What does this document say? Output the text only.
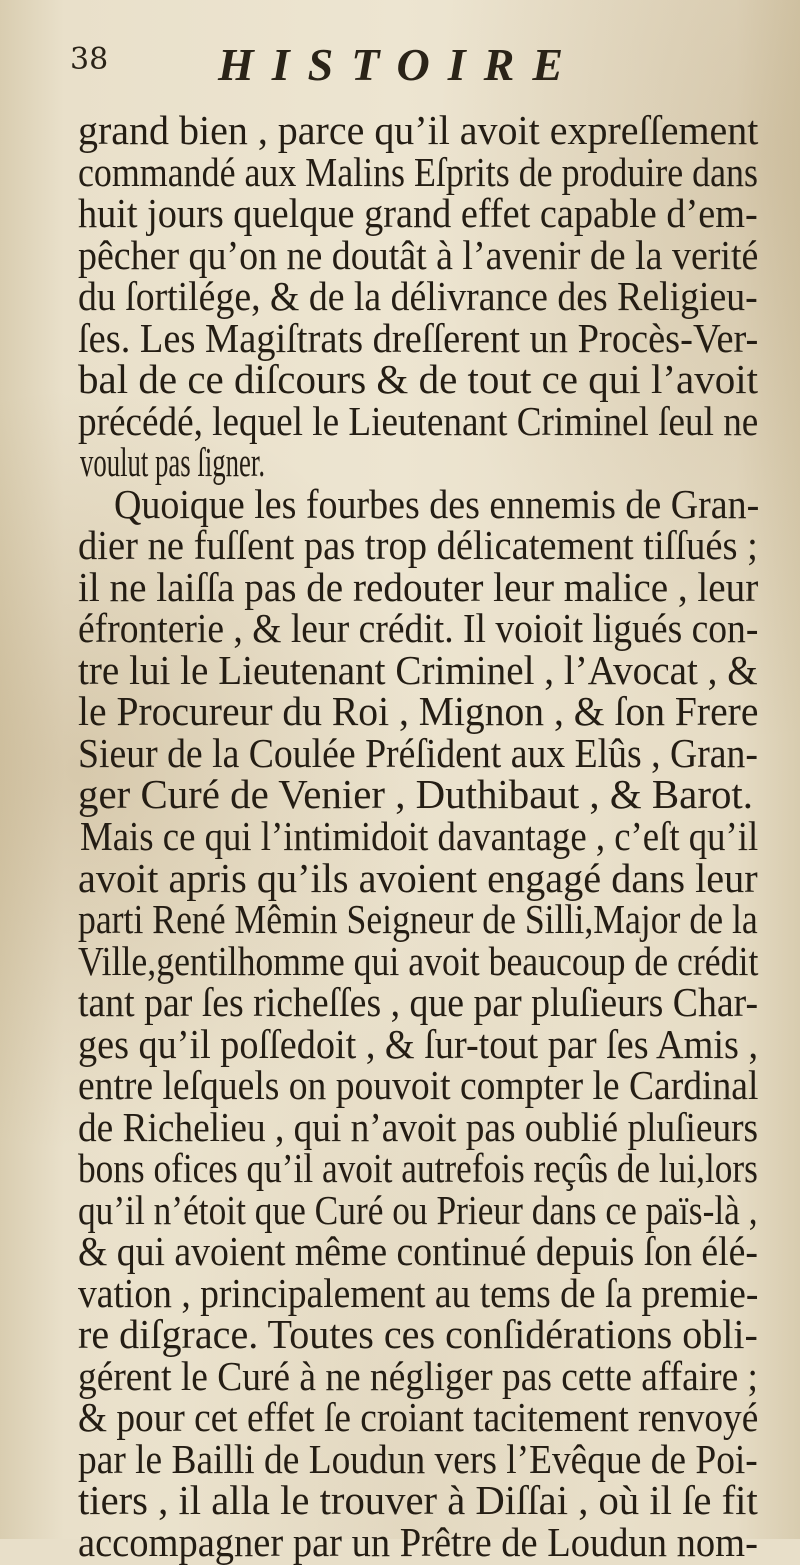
38 HISTOIRE
grand bien , parce qu’il avoit expreſſement
commandé aux Malins Eſprits de produire dans
huit jours quelque grand effet capable d’em-
pêcher qu’on ne doutât à l’avenir de la verité
du ſortilége, & de la délivrance des Religieu-
ſes. Les Magiſtrats dreſſerent un Procès-Ver-
bal de ce diſcours & de tout ce qui l’avoit
précédé, lequel le Lieutenant Criminel ſeul ne
voulut pas ſigner.
Quoique les fourbes des ennemis de Gran-
dier ne fuſſent pas trop délicatement tiſſués ;
il ne laiſſa pas de redouter leur malice , leur
éfronterie , & leur crédit. Il voioit ligués con-
tre lui le Lieutenant Criminel , l’Avocat , &
le Procureur du Roi , Mignon , & ſon Frere
Sieur de la Coulée Préſident aux Elûs , Gran-
ger Curé de Venier , Duthibaut , & Barot.
Mais ce qui l’intimidoit davantage , c’eſt qu’il
avoit apris qu’ils avoient engagé dans leur
parti René Mêmin Seigneur de Silli,Major de la
Ville,gentilhomme qui avoit beaucoup de crédit
tant par ſes richeſſes , que par pluſieurs Char-
ges qu’il poſſedoit , & ſur-tout par ſes Amis ,
entre leſquels on pouvoit compter le Cardinal
de Richelieu , qui n’avoit pas oublié pluſieurs
bons ofices qu’il avoit autrefois reçûs de lui,lors
qu’il n’étoit que Curé ou Prieur dans ce païs-là ,
& qui avoient même continué depuis ſon élé-
vation , principalement au tems de ſa premie-
re diſgrace. Toutes ces conſidérations obli-
gérent le Curé à ne négliger pas cette affaire ;
& pour cet effet ſe croiant tacitement renvoyé
par le Bailli de Loudun vers l’Evêque de Poi-
tiers , il alla le trouver à Diſſai , où il ſe fit
accompagner par un Prêtre de Loudun nom-
